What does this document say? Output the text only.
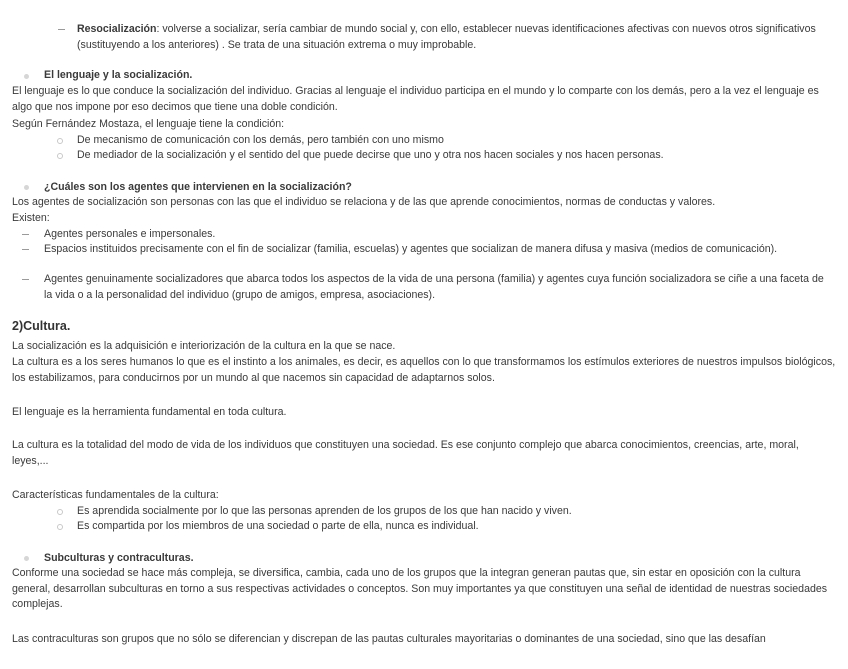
Resocialización: volverse a socializar, sería cambiar de mundo social y, con ello, establecer nuevas identificaciones afectivas con nuevos otros significativos (sustituyendo a los anteriores) . Se trata de una situación extrema o muy improbable.

El lenguaje y la socialización.

El lenguaje es lo que conduce la socialización del individuo. Gracias al lenguaje el individuo participa en el mundo y lo comparte con los demás, pero a la vez el lenguaje es algo que nos impone por eso decimos que tiene una doble condición.

Según Fernández Mostaza, el lenguaje tiene la condición:

De mecanismo de comunicación con los demás, pero también con uno mismo

De mediador de la socialización y el sentido del que puede decirse que uno y otra nos hacen sociales y nos hacen personas.

¿Cuáles son los agentes que intervienen en la socialización?

Los agentes de socialización son personas con las que el individuo se relaciona y de las que aprende conocimientos, normas de conductas y valores.

Existen:

Agentes personales e impersonales.

Espacios instituidos precisamente con el fin de socializar (familia, escuelas) y agentes que socializan de manera difusa y masiva (medios de comunicación).

Agentes genuinamente socializadores que abarca todos los aspectos de la vida de una persona (familia) y agentes cuya función socializadora se ciñe a una faceta de la vida o a la personalidad del individuo (grupo de amigos, empresa, asociaciones).

2)Cultura.

La socialización es la adquisición e interiorización de la cultura en la que se nace.

La cultura es a los seres humanos lo que es el instinto a los animales, es decir, es aquellos con lo que transformamos los estímulos exteriores de nuestros impulsos biológicos, los estabilizamos, para conducirnos por un mundo al que nacemos sin capacidad de adaptarnos solos.

El lenguaje es la herramienta fundamental en toda cultura.

La cultura es la totalidad del modo de vida de los individuos que constituyen una sociedad. Es ese conjunto complejo que abarca conocimientos, creencias, arte, moral, leyes,...

Características fundamentales de la cultura:

Es aprendida socialmente por lo que las personas aprenden de los grupos de los que han nacido y viven.

Es compartida por los miembros de una sociedad o parte de ella, nunca es individual.

Subculturas y contraculturas.

Conforme una sociedad se hace más compleja, se diversifica, cambia, cada uno de los grupos que la integran generan pautas que, sin estar en oposición con la cultura general, desarrollan subculturas en torno a sus respectivas actividades o conceptos. Son muy importantes ya que constituyen una señal de identidad de nuestras sociedades complejas.

Las contraculturas son grupos que no sólo se diferencian y discrepan de las pautas culturales mayoritarias o dominantes de una sociedad, sino que las desafían
